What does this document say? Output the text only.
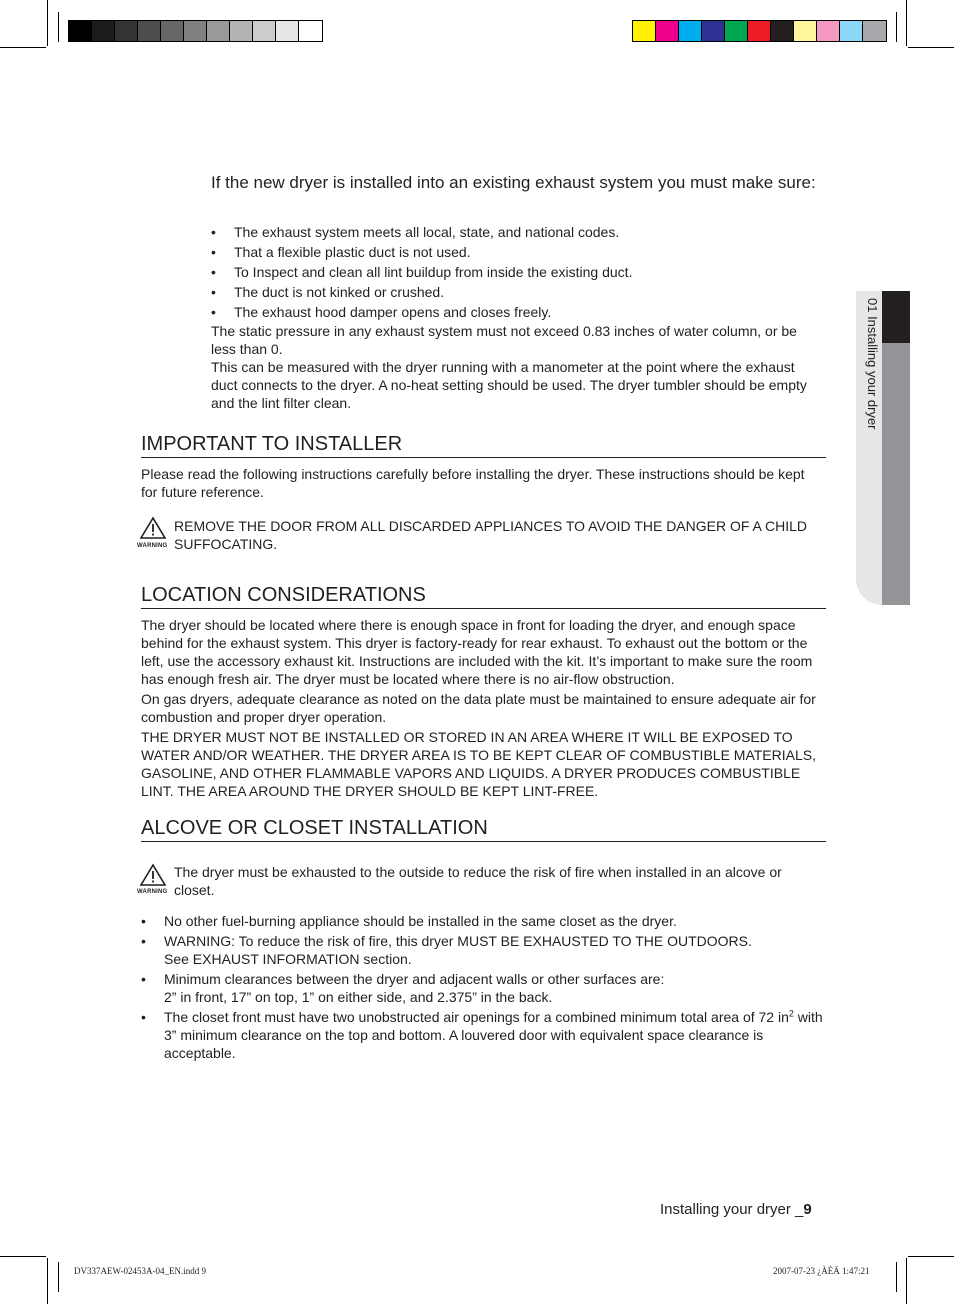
01 Installing your dryer
If the new dryer is installed into an existing exhaust system you must make sure:
• The exhaust system meets all local, state, and national codes.
• That a flexible plastic duct is not used.
• To Inspect and clean all lint buildup from inside the existing duct.
• The duct is not kinked or crushed.
• The exhaust hood damper opens and closes freely.

The static pressure in any exhaust system must not exceed 0.83 inches of water column, or be less than 0.

This can be measured with the dryer running with a manometer at the point where the exhaust duct connects to the dryer. A no-heat setting should be used. The dryer tumbler should be empty and the lint filter clean.

IMPORTANT TO INSTALLER

Please read the following instructions carefully before installing the dryer. These instructions should be kept for future reference.

WARNING

REMOVE THE DOOR FROM ALL DISCARDED APPLIANCES TO AVOID THE DANGER OF A CHILD SUFFOCATING.

LOCATION CONSIDERATIONS

The dryer should be located where there is enough space in front for loading the dryer, and enough space behind for the exhaust system. This dryer is factory-ready for rear exhaust. To exhaust out the bottom or the left, use the accessory exhaust kit. Instructions are included with the kit. It’s important to make sure the room has enough fresh air. The dryer must be located where there is no air-flow obstruction.

On gas dryers, adequate clearance as noted on the data plate must be maintained to ensure adequate air for combustion and proper dryer operation.

THE DRYER MUST NOT BE INSTALLED OR STORED IN AN AREA WHERE IT WILL BE EXPOSED TO WATER AND/OR WEATHER. THE DRYER AREA IS TO BE KEPT CLEAR OF COMBUSTIBLE MATERIALS, GASOLINE, AND OTHER FLAMMABLE VAPORS AND LIQUIDS. A DRYER PRODUCES COMBUSTIBLE LINT. THE AREA AROUND THE DRYER SHOULD BE KEPT LINT-FREE.

ALCOVE OR CLOSET INSTALLATION
WARNING

The dryer must be exhausted to the outside to reduce the risk of fire when installed in an alcove or closet.

• No other fuel-burning appliance should be installed in the same closet as the dryer.
• WARNING: To reduce the risk of fire, this dryer MUST BE EXHAUSTED TO THE OUTDOORS.
See EXHAUST INFORMATION section.
• Minimum clearances between the dryer and adjacent walls or other surfaces are:
2” in front, 17” on top, 1” on either side, and 2.375” in the back.
• The closet front must have two unobstructed air openings for a combined minimum total area of 72 $in^2$ with 3” minimum clearance on the top and bottom. A louvered door with equivalent space clearance is acceptable.
Installing your dryer _9
DV337AEW-02453A-04_EN.indd 9	2007-07-23 ¿ÀÈÄ 1:47:21
